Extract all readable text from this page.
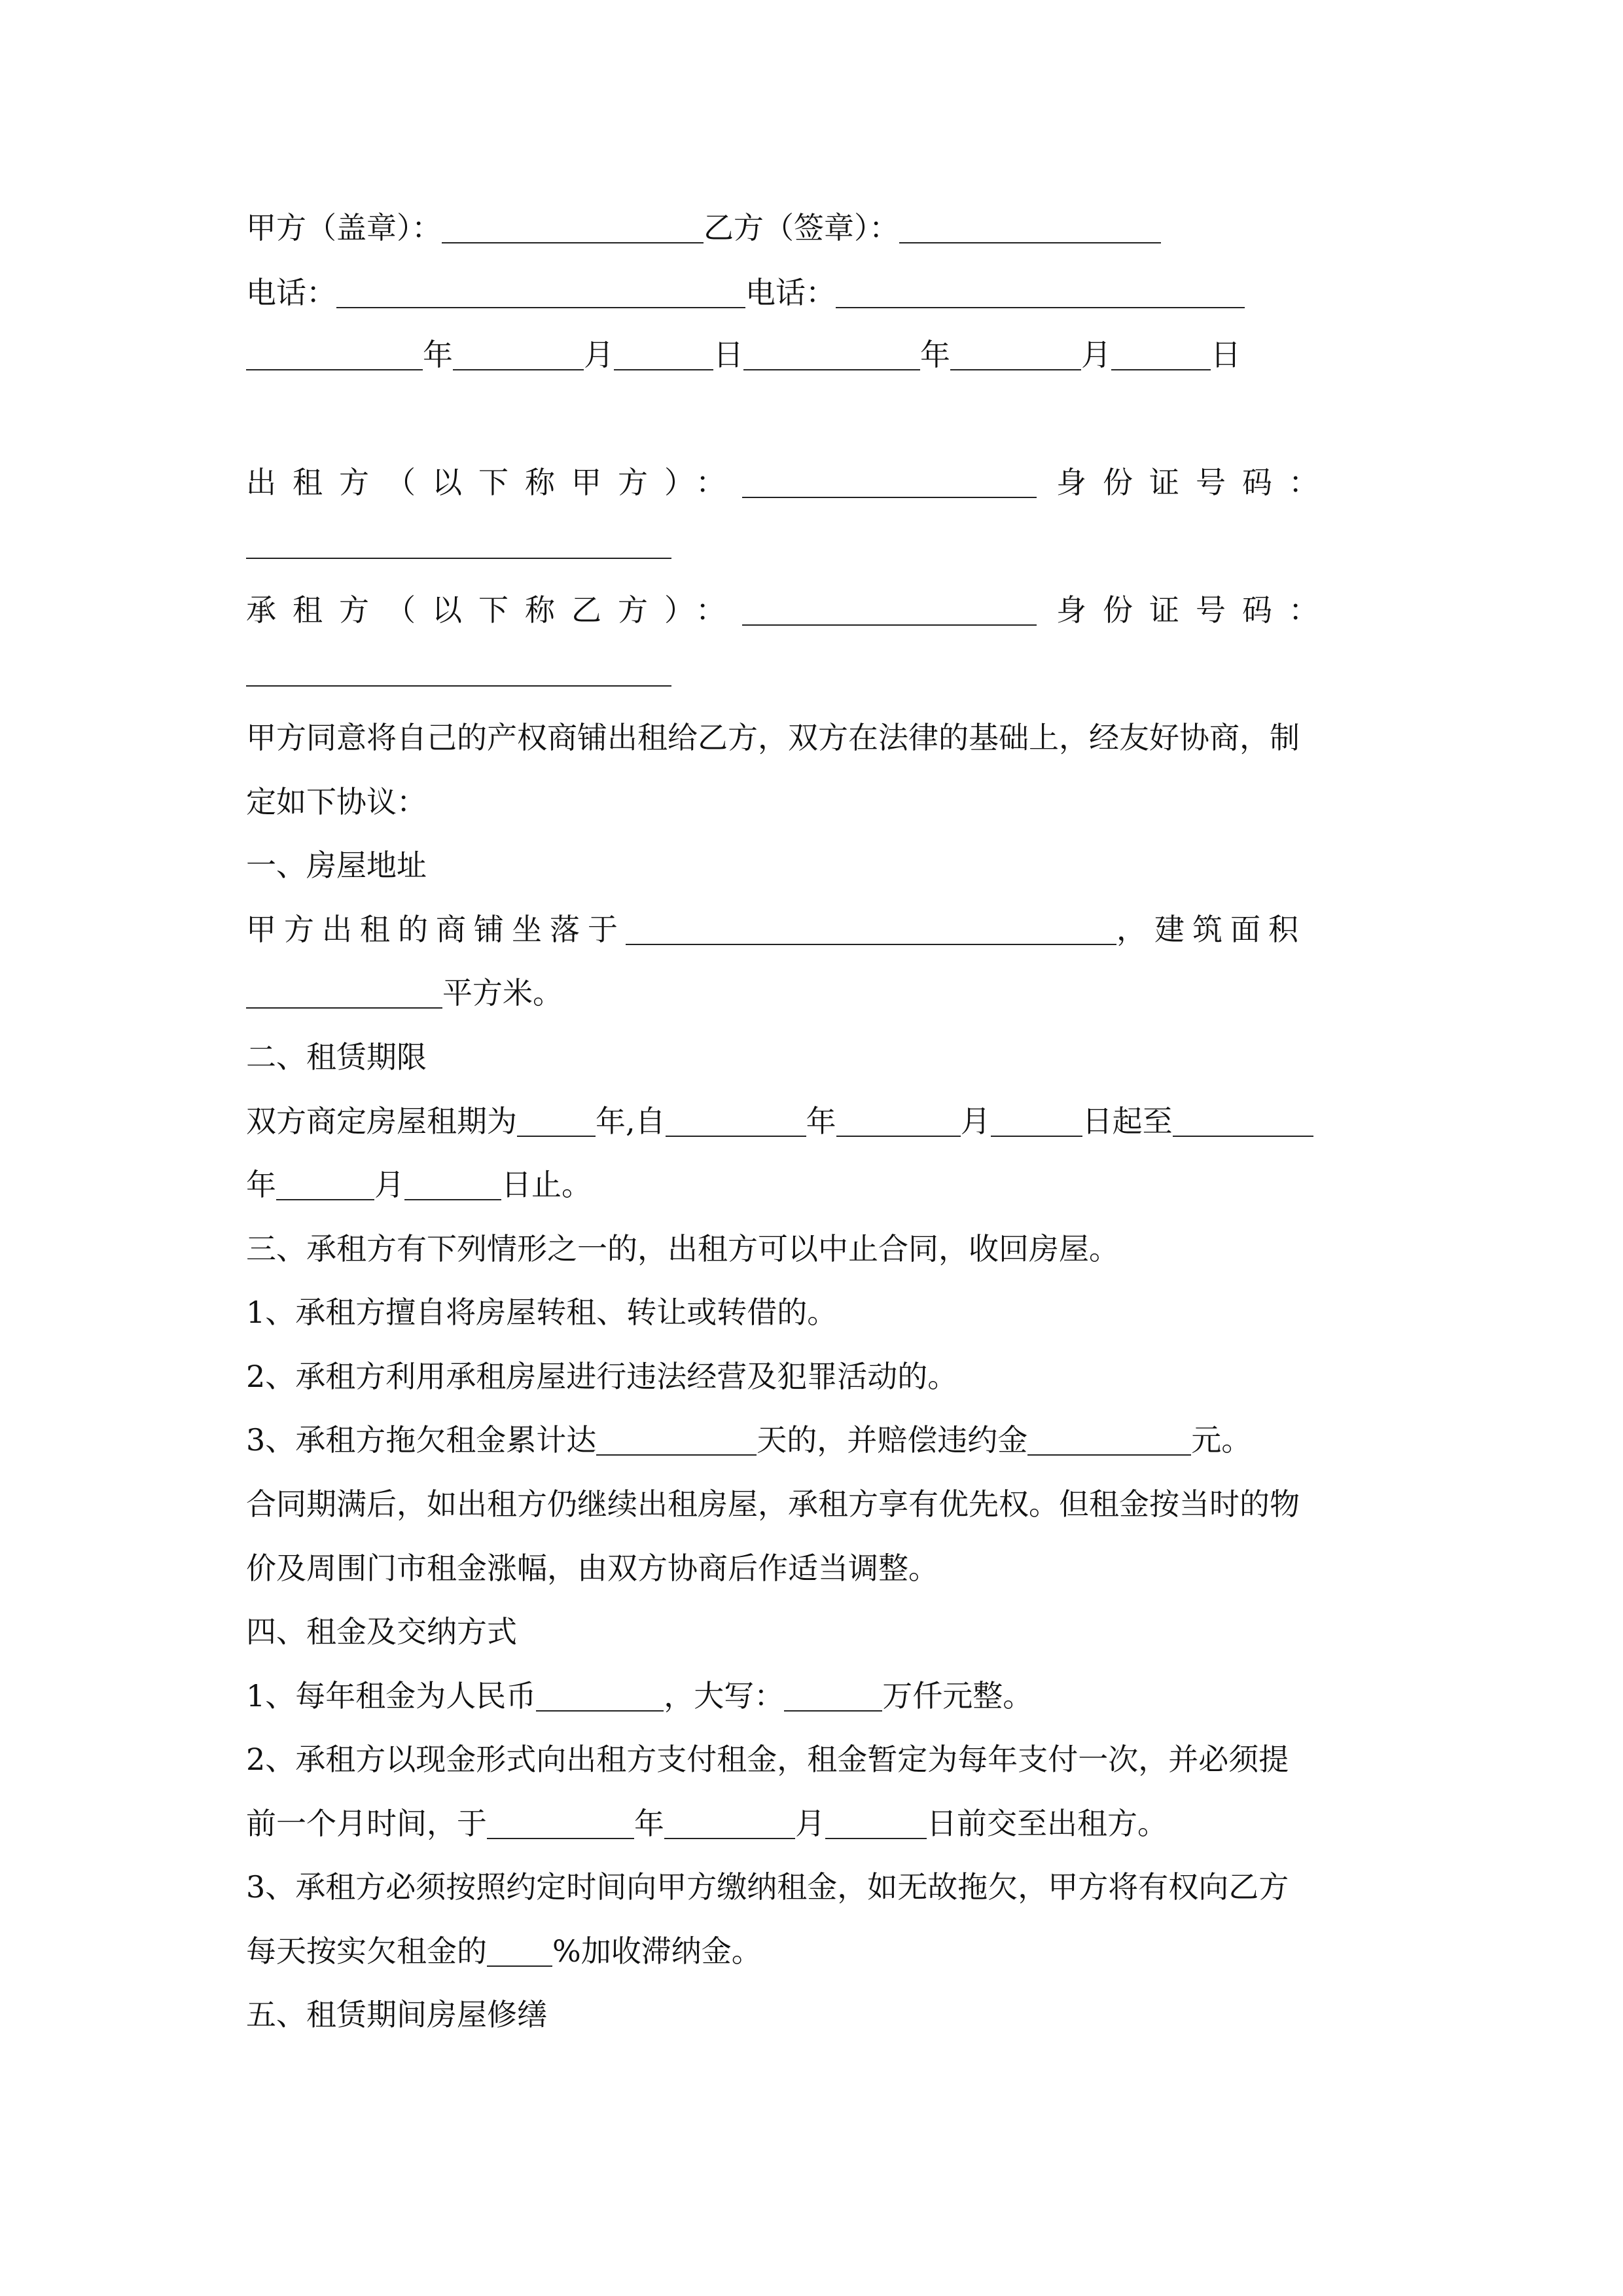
甲方（盖章）：	乙方（签章）：
电话：	电话：
年	月	日	年	月	日
出租方（以下称甲方）：	身份证号码：
承租方（以下称乙方）：	身份证号码：
甲方同意将自己的产权商铺出租给乙方，双方在法律的基础上，经友好协商，制
定如下协议：
一、房屋地址
甲方出租的商铺坐落于	，建筑面积
平方米。
二、租赁期限
双方商定房屋租期为	年,自	年	月	日起至
年	月	日止。
三、承租方有下列情形之一的，出租方可以中止合同，收回房屋。
1、承租方擅自将房屋转租、转让或转借的。
2、承租方利用承租房屋进行违法经营及犯罪活动的。
3、承租方拖欠租金累计达	天的，并赔偿违约金	元。
合同期满后，如出租方仍继续出租房屋，承租方享有优先权。但租金按当时的物
价及周围门市租金涨幅，由双方协商后作适当调整。
四、租金及交纳方式
1、每年租金为人民币	，大写：	万仟元整。
2、承租方以现金形式向出租方支付租金，租金暂定为每年支付一次，并必须提
前一个月时间，于	年	月	日前交至出租方。
3、承租方必须按照约定时间向甲方缴纳租金，如无故拖欠，甲方将有权向乙方
每天按实欠租金的 %加收滞纳金。
五、租赁期间房屋修缮
